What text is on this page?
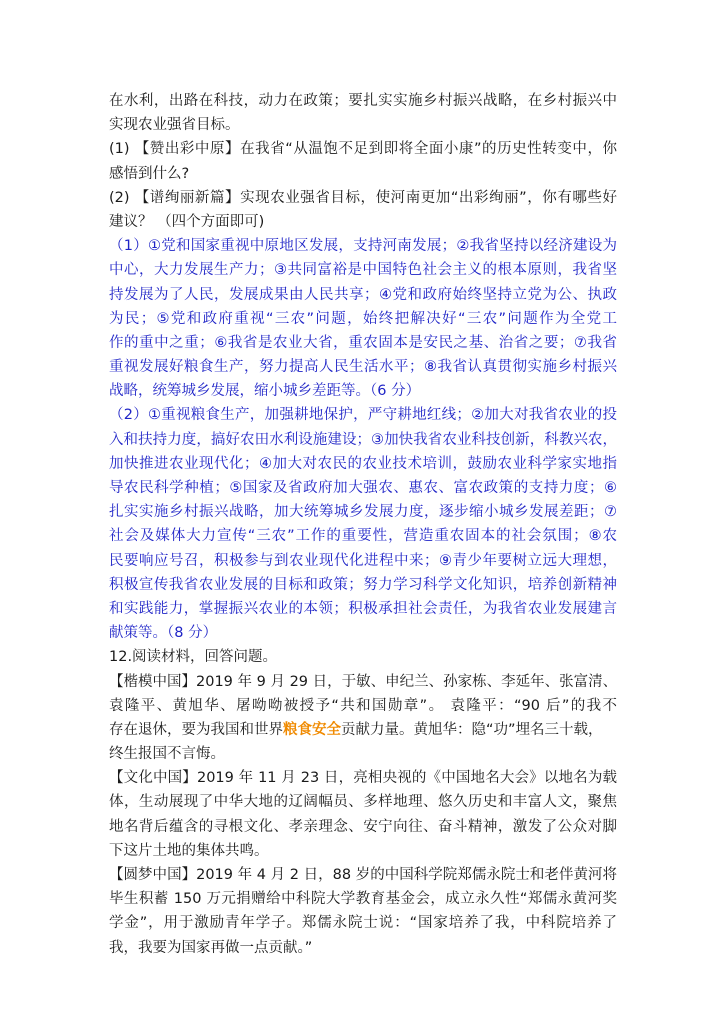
在水利，出路在科技，动力在政策；要扎实实施乡村振兴战略，在乡村振兴中
实现农业强省目标。
(1) 【赞出彩中原】在我省“从温饱不足到即将全面小康”的历史性转变中，你
感悟到什么?
(2) 【谱绚丽新篇】实现农业强省目标，使河南更加“出彩绚丽”，你有哪些好
建议？ （四个方面即可)
（1）①党和国家重视中原地区发展，支持河南发展；②我省坚持以经济建设为
中心，大力发展生产力；③共同富裕是中国特色社会主义的根本原则，我省坚
持发展为了人民，发展成果由人民共享；④党和政府始终坚持立党为公、执政
为民；⑤党和政府重视“三农”问题，始终把解决好“三农”问题作为全党工
作的重中之重；⑥我省是农业大省，重农固本是安民之基、治省之要；⑦我省
重视发展好粮食生产，努力提高人民生活水平；⑧我省认真贯彻实施乡村振兴
战略，统筹城乡发展，缩小城乡差距等。（6 分）
（2）①重视粮食生产，加强耕地保护，严守耕地红线；②加大对我省农业的投
入和扶持力度，搞好农田水利设施建设；③加快我省农业科技创新，科教兴农，
加快推进农业现代化；④加大对农民的农业技术培训，鼓励农业科学家实地指
导农民科学种植；⑤国家及省政府加大强农、惠农、富农政策的支持力度；⑥
扎实实施乡村振兴战略，加大统筹城乡发展力度，逐步缩小城乡发展差距；⑦
社会及媒体大力宣传“三农”工作的重要性，营造重农固本的社会氛围；⑧农
民要响应号召，积极参与到农业现代化进程中来；⑨青少年要树立远大理想，
积极宣传我省农业发展的目标和政策；努力学习科学文化知识，培养创新精神
和实践能力，掌握振兴农业的本领；积极承担社会责任，为我省农业发展建言
献策等。（8 分）
12.阅读材料，回答问题。
【楷模中国】2019 年 9 月 29 日，于敏、申纪兰、孙家栋、李延年、张富清、
袁隆平、黄旭华、屠呦呦被授予“共和国勋章”。 袁隆平：“90 后”的我不
存在退休，要为我国和世界粮食安全贡献力量。黄旭华：隐“功”埋名三十载，
终生报国不言悔。
【文化中国】2019 年 11 月 23 日，亮相央视的《中国地名大会》以地名为载
体，生动展现了中华大地的辽阔幅员、多样地理、悠久历史和丰富人文，聚焦
地名背后蕴含的寻根文化、孝亲理念、安宁向往、奋斗精神，激发了公众对脚
下这片土地的集体共鸣。
【圆梦中国】2019 年 4 月 2 日，88 岁的中国科学院郑儒永院士和老伴黄河将
毕生积蓄 150 万元捐赠给中科院大学教育基金会，成立永久性“郑儒永黄河奖
学金”，用于激励青年学子。郑儒永院士说：“国家培养了我，中科院培养了
我，我要为国家再做一点贡献。”
